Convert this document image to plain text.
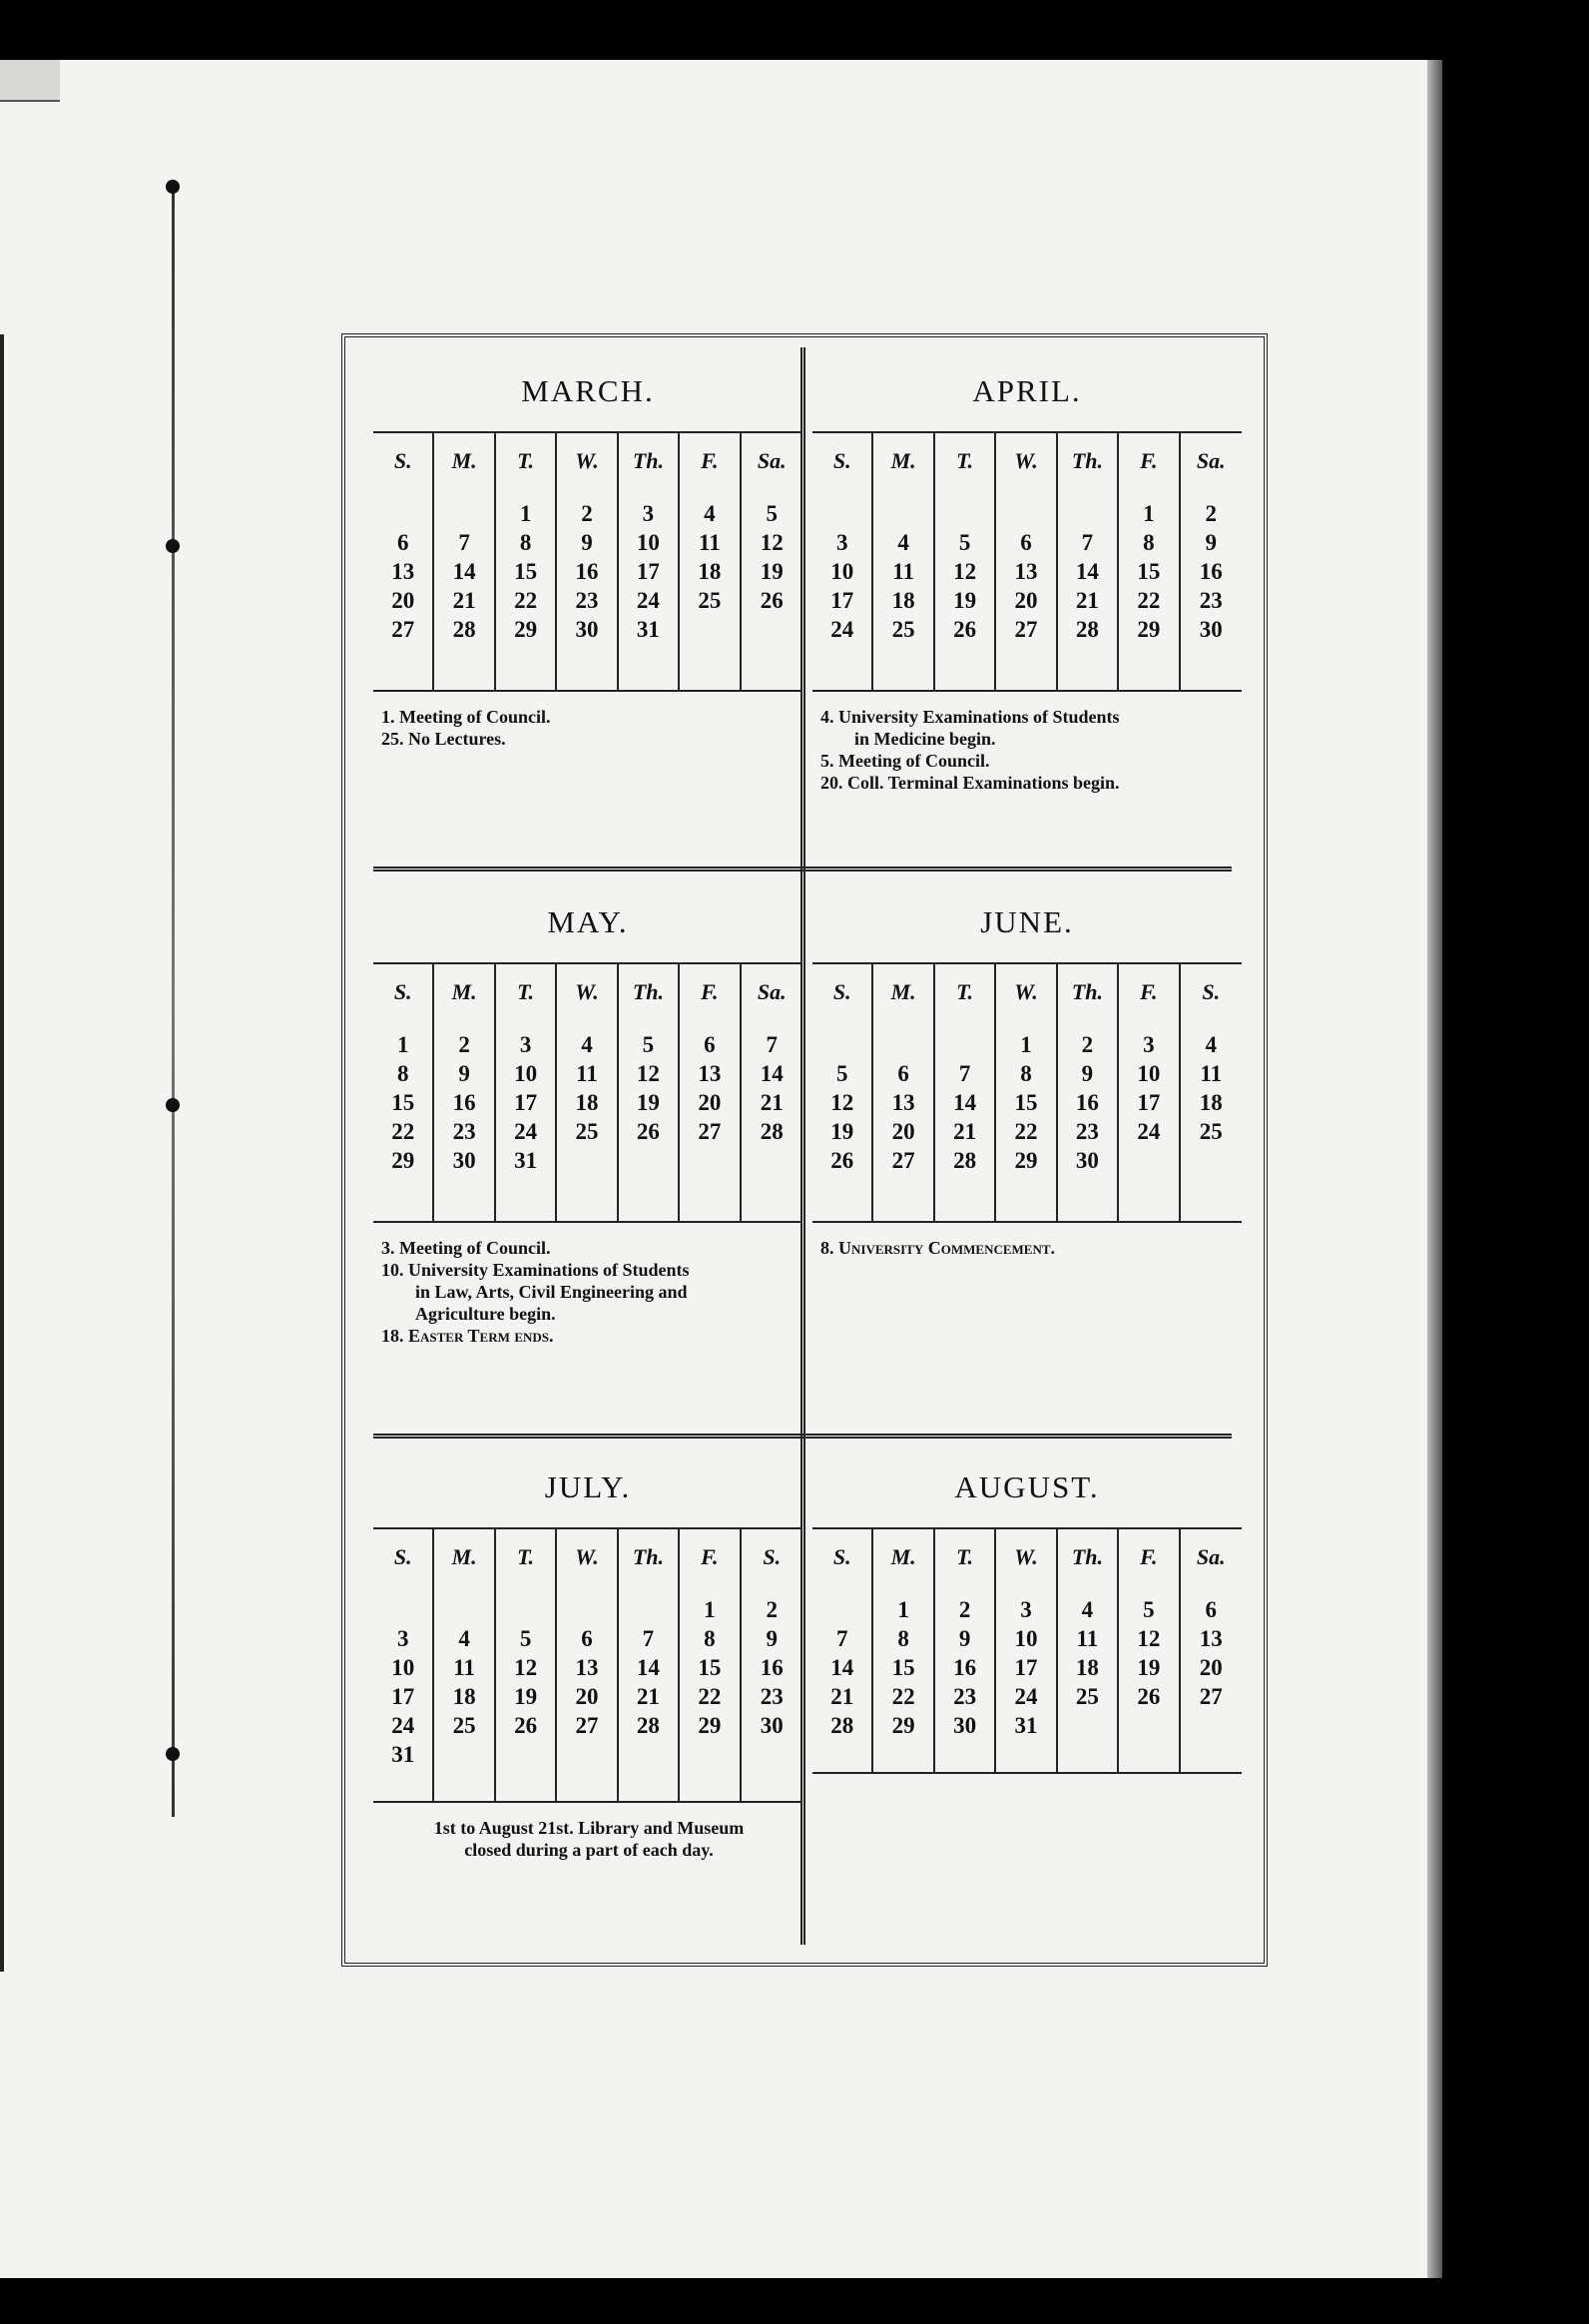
MARCH.
S.
6
13
20
27
M.
7
14
21
28
T.
1
8
15
22
29
W.
2
9
16
23
30
Th.
3
10
17
24
31
F.
4
11
18
25
Sa.
5
12
19
26

1. Meeting of Council.

25. No Lectures.

APRIL.
S.
3
10
17
24
M.
4
11
18
25
T.
5
12
19
26
W.
6
13
20
27
Th.
7
14
21
28
F.
1
8
15
22
29
Sa.
2
9
16
23
30

4. University Examinations of Students

in Medicine begin.

5. Meeting of Council.

20. Coll. Terminal Examinations begin.

MAY.
S.
1
8
15
22
29
M.
2
9
16
23
30
T.
3
10
17
24
31
W.
4
11
18
25
Th.
5
12
19
26
F.
6
13
20
27
Sa.
7
14
21
28

3. Meeting of Council.

10. University Examinations of Students

in Law, Arts, Civil Engineering and

Agriculture begin.

18. Easter Term ends.

JUNE.
S.
5
12
19
26
M.
6
13
20
27
T.
7
14
21
28
W.
1
8
15
22
29
Th.
2
9
16
23
30
F.
3
10
17
24
S.
4
11
18
25

8. University Commencement.

JULY.
S.
3
10
17
24
31
M.
4
11
18
25
T.
5
12
19
26
W.
6
13
20
27
Th.
7
14
21
28
F.
1
8
15
22
29
S.
2
9
16
23
30

1st to August 21st. Library and Museum

closed during a part of each day.

AUGUST.
S.
7
14
21
28
M.
1
8
15
22
29
T.
2
9
16
23
30
W.
3
10
17
24
31
Th.
4
11
18
25
F.
5
12
19
26
Sa.
6
13
20
27
